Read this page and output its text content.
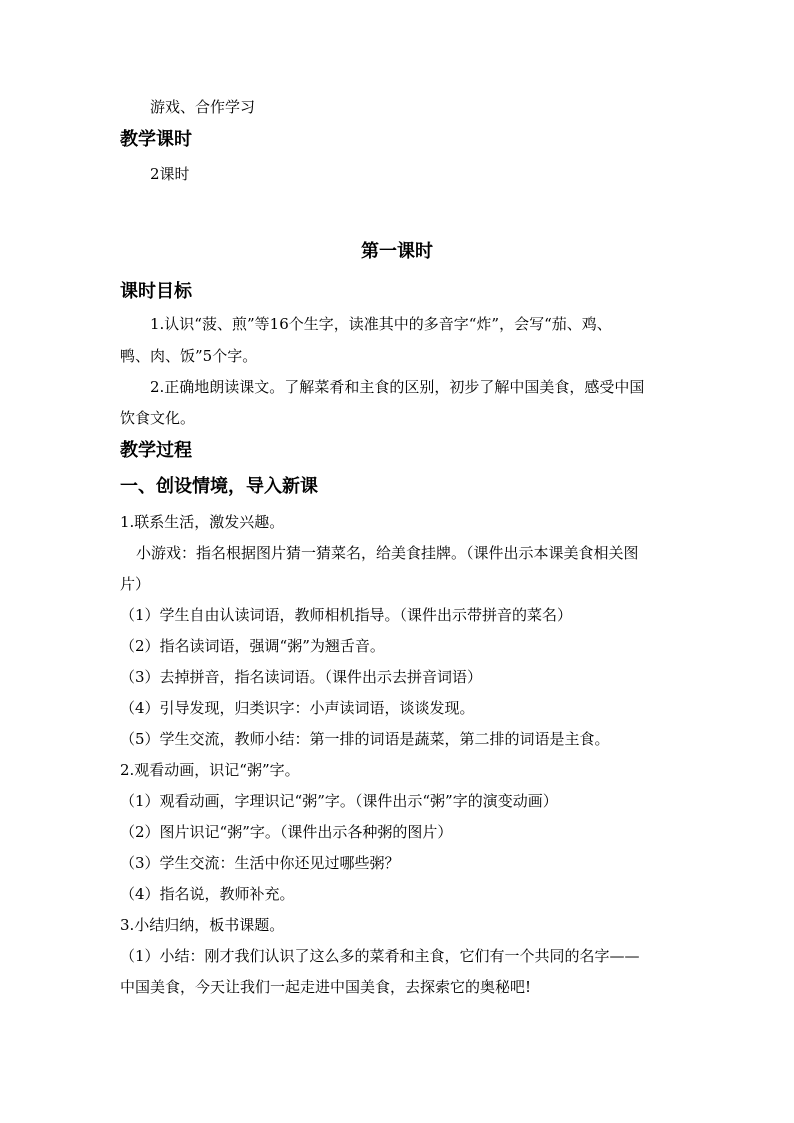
游戏、合作学习
教学课时
2课时
第一课时
课时目标
1.认识“菠、煎”等16个生字，读准其中的多音字“炸”，会写“茄、鸡、
鸭、肉、饭”5个字。
2.正确地朗读课文。了解菜肴和主食的区别，初步了解中国美食，感受中国
饮食文化。
教学过程
一、创设情境，导入新课
1.联系生活，激发兴趣。
小游戏：指名根据图片猜一猜菜名，给美食挂牌。（课件出示本课美食相关图
片）
（1）学生自由认读词语，教师相机指导。（课件出示带拼音的菜名）
（2）指名读词语，强调“粥”为翘舌音。
（3）去掉拼音，指名读词语。（课件出示去拼音词语）
（4）引导发现，归类识字：小声读词语，谈谈发现。
（5）学生交流，教师小结：第一排的词语是蔬菜，第二排的词语是主食。
2.观看动画，识记“粥”字。
（1）观看动画，字理识记“粥”字。（课件出示“粥”字的演变动画）
（2）图片识记“粥”字。（课件出示各种粥的图片）
（3）学生交流：生活中你还见过哪些粥？
（4）指名说，教师补充。
3.小结归纳，板书课题。
（1）小结：刚才我们认识了这么多的菜肴和主食，它们有一个共同的名字——
中国美食，今天让我们一起走进中国美食，去探索它的奥秘吧!
